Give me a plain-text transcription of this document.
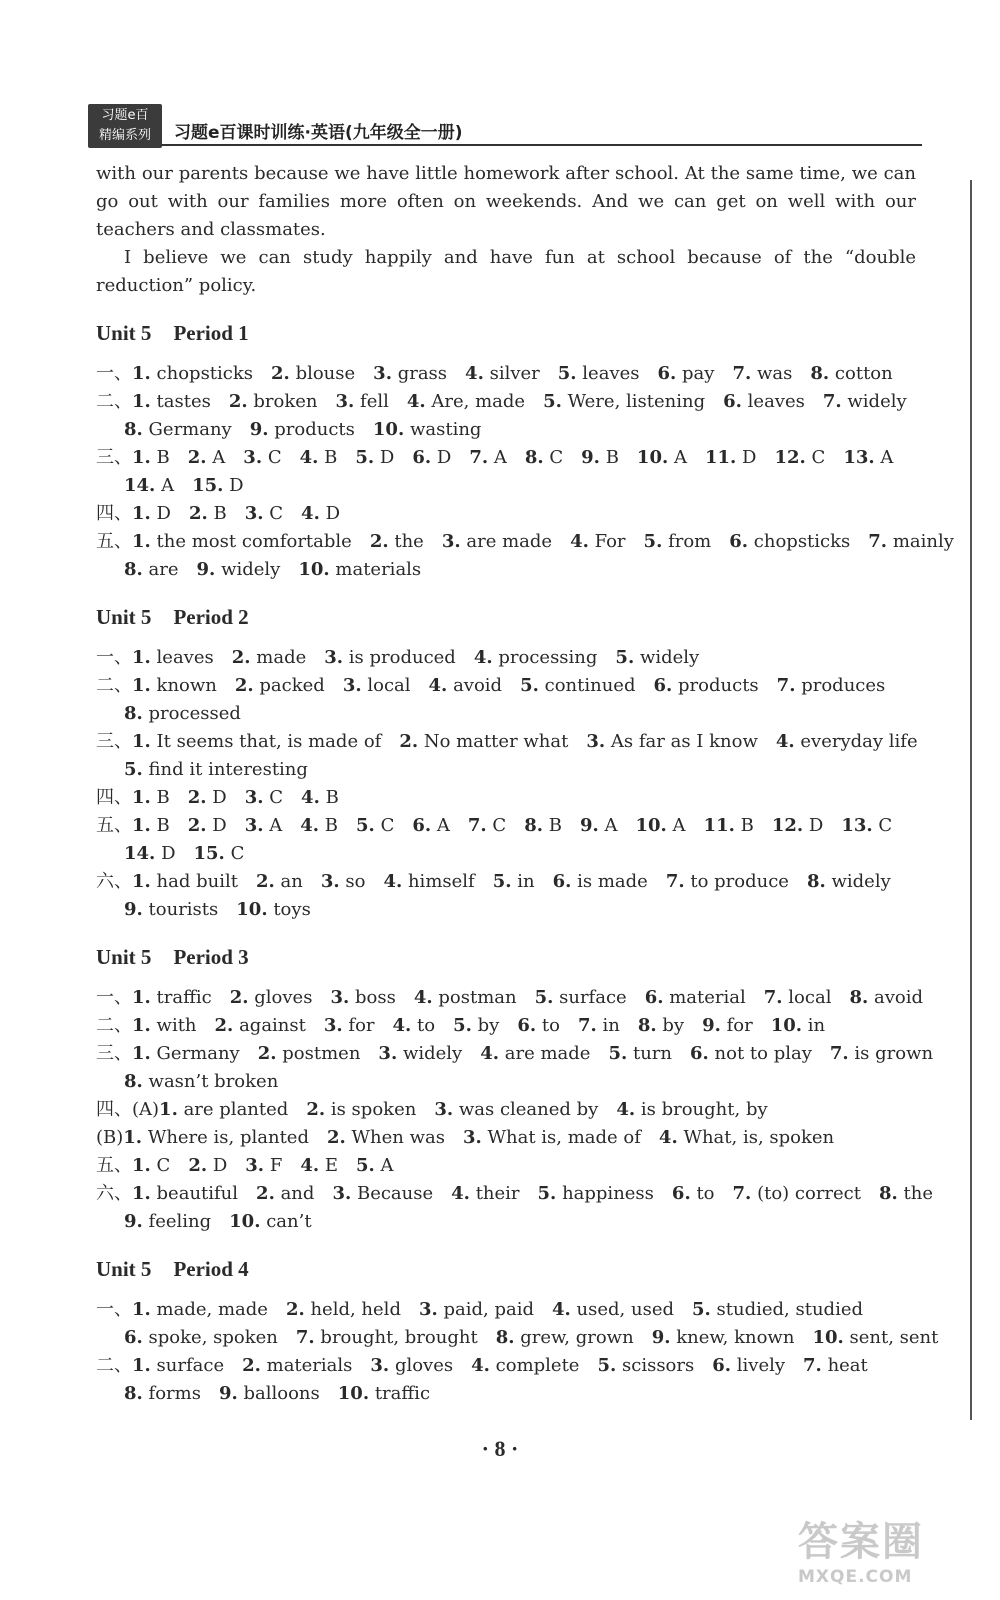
习题e百
精编系列	习题e百课时训练·英语(九年级全一册)

with our parents because we have little homework after school. At the same time, we can go out with our families more often on weekends. And we can get on well with our teachers and classmates.

I believe we can study happily and have fun at school because of the “double reduction” policy.

Unit 5 Period 1
一、1. chopsticks 2. blouse 3. grass 4. silver 5. leaves 6. pay 7. was 8. cotton
二、1. tastes 2. broken 3. fell 4. Are, made 5. Were, listening 6. leaves 7. widely
8. Germany 9. products 10. wasting
三、1. B 2. A 3. C 4. B 5. D 6. D 7. A 8. C 9. B 10. A 11. D 12. C 13. A
14. A 15. D
四、1. D 2. B 3. C 4. D
五、1. the most comfortable 2. the 3. are made 4. For 5. from 6. chopsticks 7. mainly
8. are 9. widely 10. materials
Unit 5 Period 2
一、1. leaves 2. made 3. is produced 4. processing 5. widely
二、1. known 2. packed 3. local 4. avoid 5. continued 6. products 7. produces
8. processed
三、1. It seems that, is made of 2. No matter what 3. As far as I know 4. everyday life
5. find it interesting
四、1. B 2. D 3. C 4. B
五、1. B 2. D 3. A 4. B 5. C 6. A 7. C 8. B 9. A 10. A 11. B 12. D 13. C
14. D 15. C
六、1. had built 2. an 3. so 4. himself 5. in 6. is made 7. to produce 8. widely
9. tourists 10. toys
Unit 5 Period 3
一、1. traffic 2. gloves 3. boss 4. postman 5. surface 6. material 7. local 8. avoid
二、1. with 2. against 3. for 4. to 5. by 6. to 7. in 8. by 9. for 10. in
三、1. Germany 2. postmen 3. widely 4. are made 5. turn 6. not to play 7. is grown
8. wasn’t broken
四、(A)1. are planted 2. is spoken 3. was cleaned by 4. is brought, by
(B)1. Where is, planted 2. When was 3. What is, made of 4. What, is, spoken
五、1. C 2. D 3. F 4. E 5. A
六、1. beautiful 2. and 3. Because 4. their 5. happiness 6. to 7. (to) correct 8. the
9. feeling 10. can’t
Unit 5 Period 4
一、1. made, made 2. held, held 3. paid, paid 4. used, used 5. studied, studied
6. spoke, spoken 7. brought, brought 8. grew, grown 9. knew, known 10. sent, sent
二、1. surface 2. materials 3. gloves 4. complete 5. scissors 6. lively 7. heat
8. forms 9. balloons 10. traffic
· 8 ·
答案圈
MXQE.COM
